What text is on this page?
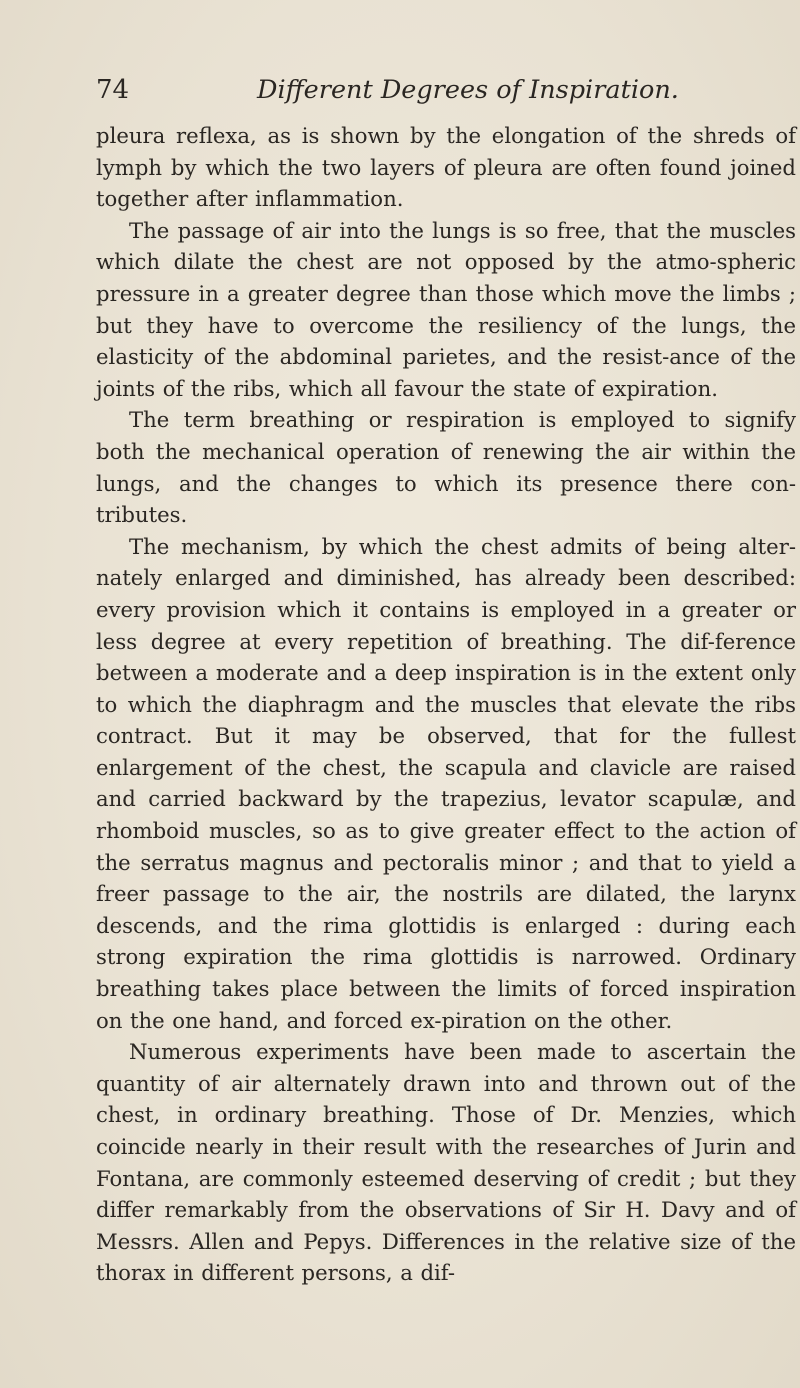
74	Different Degrees of Inspiration.

pleura reflexa, as is shown by the elongation of the shreds of lymph by which the two layers of pleura are often found joined together after inflammation.

The passage of air into the lungs is so free, that the muscles which dilate the chest are not opposed by the atmo-spheric pressure in a greater degree than those which move the limbs ; but they have to overcome the resiliency of the lungs, the elasticity of the abdominal parietes, and the resist-ance of the joints of the ribs, which all favour the state of expiration.

The term breathing or respiration is employed to signify both the mechanical operation of renewing the air within the lungs, and the changes to which its presence there con-tributes.

The mechanism, by which the chest admits of being alter-nately enlarged and diminished, has already been described: every provision which it contains is employed in a greater or less degree at every repetition of breathing. The dif-ference between a moderate and a deep inspiration is in the extent only to which the diaphragm and the muscles that elevate the ribs contract. But it may be observed, that for the fullest enlargement of the chest, the scapula and clavicle are raised and carried backward by the trapezius, levator scapulæ, and rhomboid muscles, so as to give greater effect to the action of the serratus magnus and pectoralis minor ; and that to yield a freer passage to the air, the nostrils are dilated, the larynx descends, and the rima glottidis is enlarged : during each strong expiration the rima glottidis is narrowed. Ordinary breathing takes place between the limits of forced inspiration on the one hand, and forced ex-piration on the other.

Numerous experiments have been made to ascertain the quantity of air alternately drawn into and thrown out of the chest, in ordinary breathing. Those of Dr. Menzies, which coincide nearly in their result with the researches of Jurin and Fontana, are commonly esteemed deserving of credit ; but they differ remarkably from the observations of Sir H. Davy and of Messrs. Allen and Pepys. Differences in the relative size of the thorax in different persons, a dif-
